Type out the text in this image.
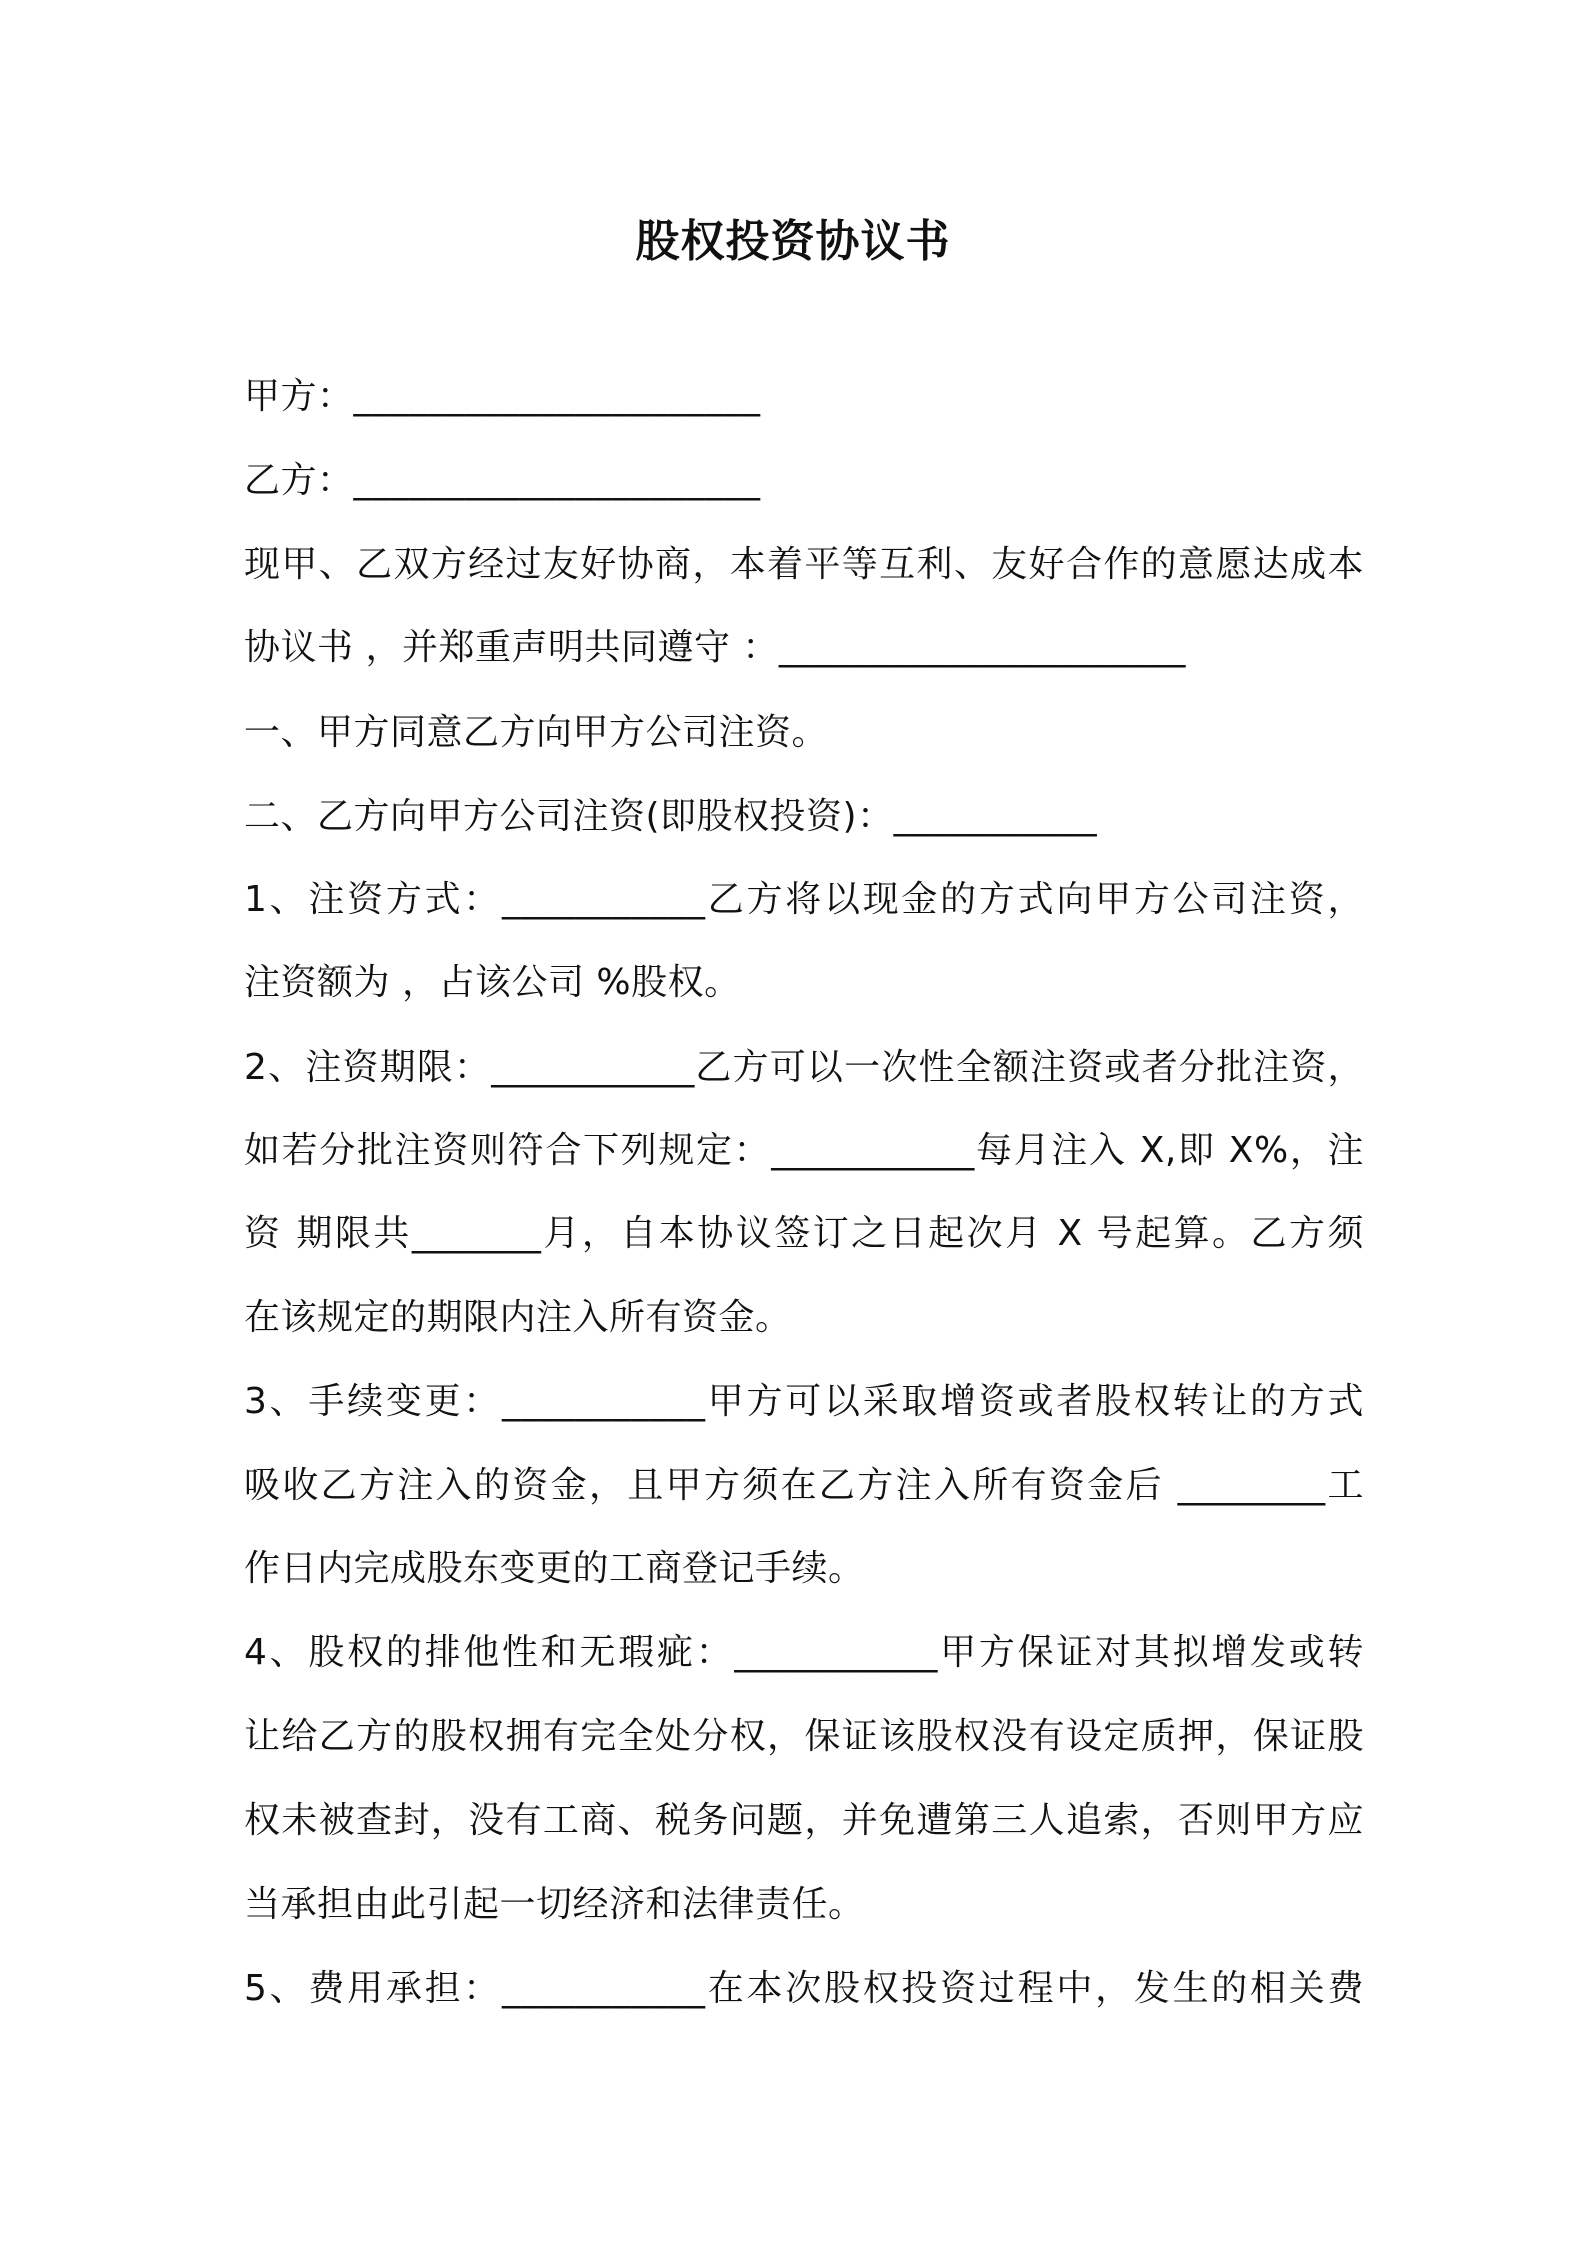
股权投资协议书
甲方：______________________
乙方：______________________
现甲、乙双方经过友好协商，本着平等互利、友好合作的意愿达成本
协议书 ，并郑重声明共同遵守 ：______________________
一、甲方同意乙方向甲方公司注资。
二、乙方向甲方公司注资(即股权投资)：___________
1、注资方式：___________乙方将以现金的方式向甲方公司注资，
注资额为 ，占该公司 %股权。
2、注资期限：___________乙方可以一次性全额注资或者分批注资，
如若分批注资则符合下列规定：___________每月注入 X,即 X%，注
资 期限共_______月，自本协议签订之日起次月 X 号起算。乙方须
在该规定的期限内注入所有资金。
3、手续变更：___________甲方可以采取增资或者股权转让的方式
吸收乙方注入的资金，且甲方须在乙方注入所有资金后 ________工
作日内完成股东变更的工商登记手续。
4、股权的排他性和无瑕疵：___________甲方保证对其拟增发或转
让给乙方的股权拥有完全处分权，保证该股权没有设定质押，保证股
权未被查封，没有工商、税务问题，并免遭第三人追索，否则甲方应
当承担由此引起一切经济和法律责任。
5、费用承担：___________在本次股权投资过程中，发生的相关费
